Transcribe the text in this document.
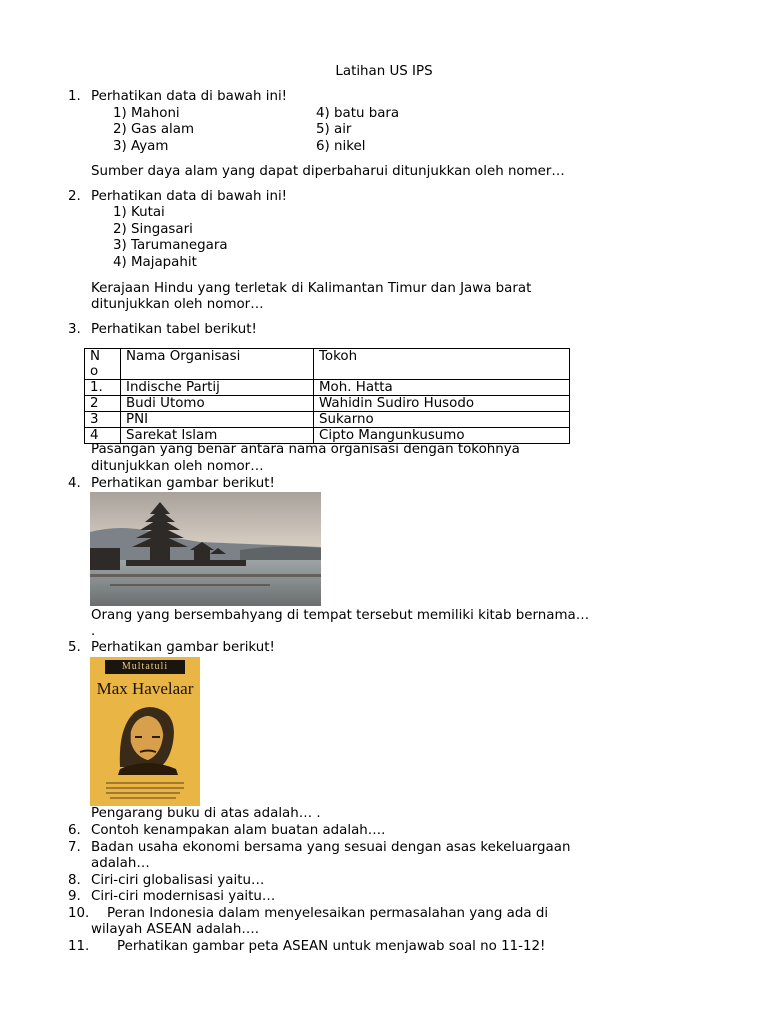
Latihan US IPS
1. Perhatikan data di bawah ini!
1) Mahoni
2) Gas alam
3) Ayam
4) batu bara
5) air
6) nikel
Sumber daya alam yang dapat diperbaharui ditunjukkan oleh nomer…
2. Perhatikan data di bawah ini!
1) Kutai
2) Singasari
3) Tarumanegara
4) Majapahit
Kerajaan Hindu yang terletak di Kalimantan Timur dan Jawa barat
ditunjukkan oleh nomor…
3. Perhatikan tabel berikut!
N
o	Nama Organisasi	Tokoh
1.	Indische Partij	Moh. Hatta
2	Budi Utomo	Wahidin Sudiro Husodo
3	PNI	Sukarno
4	Sarekat Islam	Cipto Mangunkusumo
Pasangan yang benar antara nama organisasi dengan tokohnya
ditunjukkan oleh nomor…
4. Perhatikan gambar berikut!
Orang yang bersembahyang di tempat tersebut memiliki kitab bernama…
.
5. Perhatikan gambar berikut!
Multatuli
Max Havelaar
Pengarang buku di atas adalah… .
6. Contoh kenampakan alam buatan adalah….
7. Badan usaha ekonomi bersama yang sesuai dengan asas kekeluargaan
adalah…
8. Ciri-ciri globalisasi yaitu…
9. Ciri-ciri modernisasi yaitu…
10. Peran Indonesia dalam menyelesaikan permasalahan yang ada di
wilayah ASEAN adalah….
11. Perhatikan gambar peta ASEAN untuk menjawab soal no 11-12!
